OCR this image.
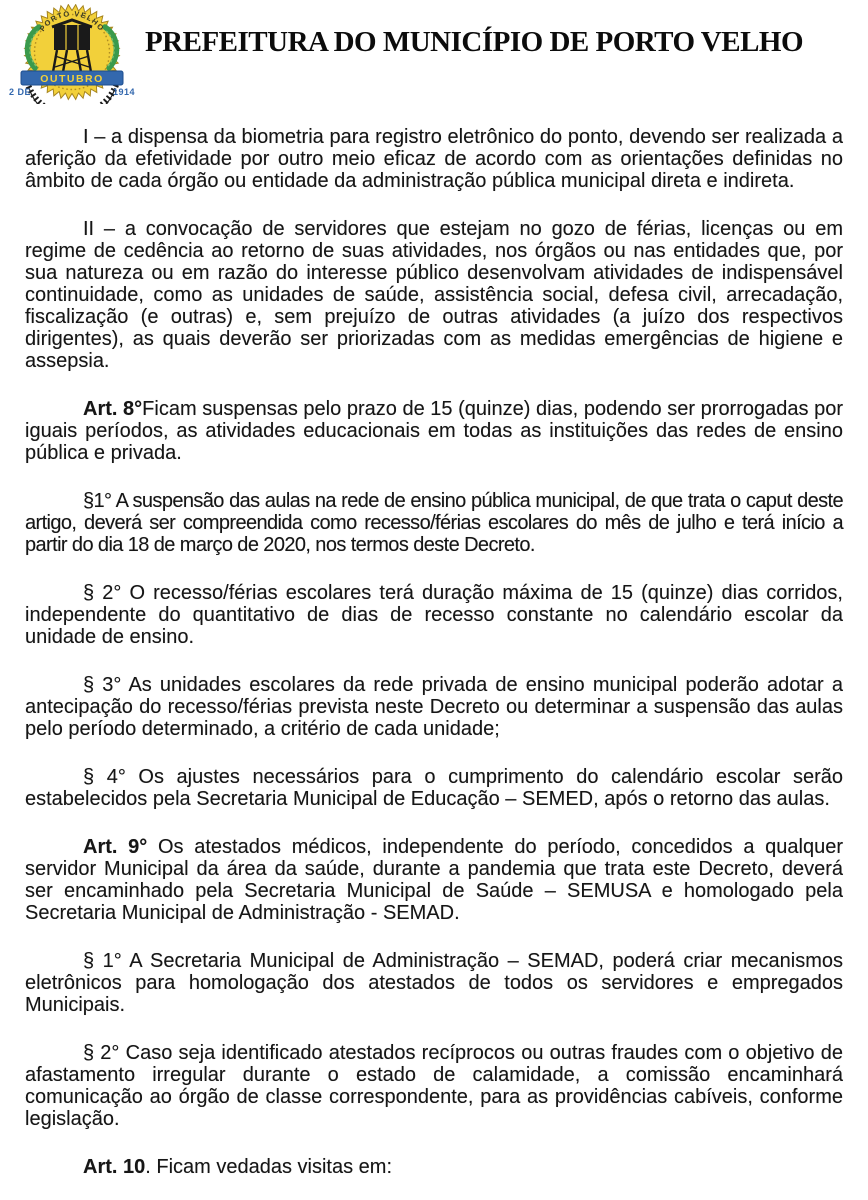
PORTO VELHO
OUTUBRO
2 DE	1914
PREFEITURA DO MUNICÍPIO DE PORTO VELHO

I – a dispensa da biometria para registro eletrônico do ponto, devendo ser realizada a aferição da efetividade por outro meio eficaz de acordo com as orientações definidas no âmbito de cada órgão ou entidade da administração pública municipal direta e indireta.

II – a convocação de servidores que estejam no gozo de férias, licenças ou em regime de cedência ao retorno de suas atividades, nos órgãos ou nas entidades que, por sua natureza ou em razão do interesse público desenvolvam atividades de indispensável continuidade, como as unidades de saúde, assistência social, defesa civil, arrecadação, fiscalização (e outras) e, sem prejuízo de outras atividades (a juízo dos respectivos dirigentes), as quais deverão ser priorizadas com as medidas emergências de higiene e assepsia.

Art. 8°Ficam suspensas pelo prazo de 15 (quinze) dias, podendo ser prorrogadas por iguais períodos, as atividades educacionais em todas as instituições das redes de ensino pública e privada.

§1° A suspensão das aulas na rede de ensino pública municipal, de que trata o caput deste artigo, deverá ser compreendida como recesso/férias escolares do mês de julho e terá início a partir do dia 18 de março de 2020, nos termos deste Decreto.

§ 2° O recesso/férias escolares terá duração máxima de 15 (quinze) dias corridos, independente do quantitativo de dias de recesso constante no calendário escolar da unidade de ensino.

§ 3° As unidades escolares da rede privada de ensino municipal poderão adotar a antecipação do recesso/férias prevista neste Decreto ou determinar a suspensão das aulas pelo período determinado, a critério de cada unidade;

§ 4° Os ajustes necessários para o cumprimento do calendário escolar serão estabelecidos pela Secretaria Municipal de Educação – SEMED, após o retorno das aulas.

Art. 9° Os atestados médicos, independente do período, concedidos a qualquer servidor Municipal da área da saúde, durante a pandemia que trata este Decreto, deverá ser encaminhado pela Secretaria Municipal de Saúde – SEMUSA e homologado pela Secretaria Municipal de Administração - SEMAD.

§ 1° A Secretaria Municipal de Administração – SEMAD, poderá criar mecanismos eletrônicos para homologação dos atestados de todos os servidores e empregados Municipais.

§ 2° Caso seja identificado atestados recíprocos ou outras fraudes com o objetivo de afastamento irregular durante o estado de calamidade, a comissão encaminhará comunicação ao órgão de classe correspondente, para as providências cabíveis, conforme legislação.

Art. 10. Ficam vedadas visitas em:
